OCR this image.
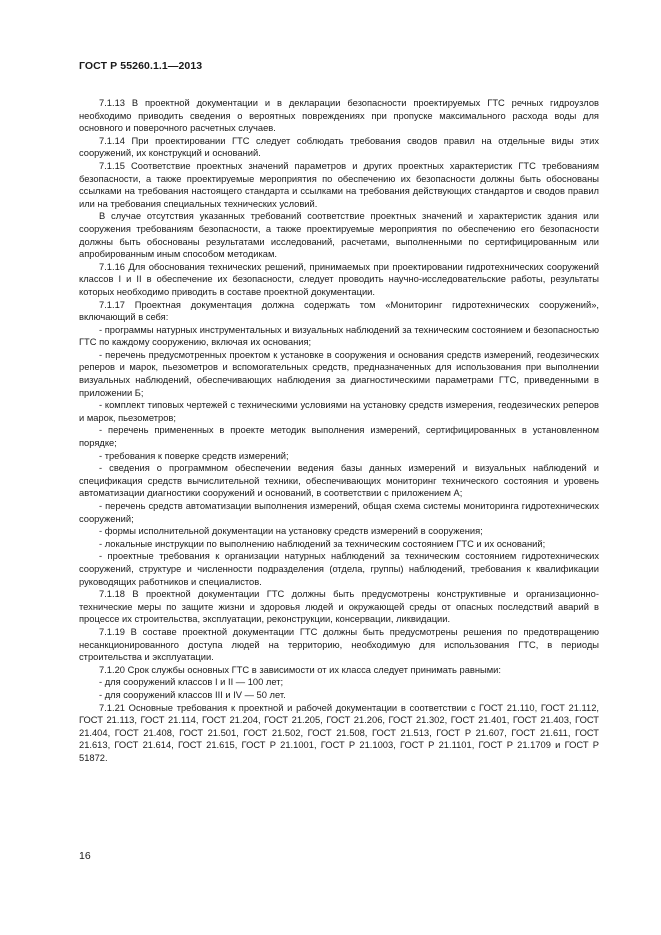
ГОСТ Р 55260.1.1—2013

7.1.13 В проектной документации и в декларации безопасности проектируемых ГТС речных гидроузлов необходимо приводить сведения о вероятных повреждениях при пропуске максимального расхода воды для основного и поверочного расчетных случаев.

7.1.14 При проектировании ГТС следует соблюдать требования сводов правил на отдельные виды этих сооружений, их конструкций и оснований.

7.1.15 Соответствие проектных значений параметров и других проектных характеристик ГТС требованиям безопасности, а также проектируемые мероприятия по обеспечению их безопасности должны быть обоснованы ссылками на требования настоящего стандарта и ссылками на требования действующих стандартов и сводов правил или на требования специальных технических условий.

В случае отсутствия указанных требований соответствие проектных значений и характеристик здания или сооружения требованиям безопасности, а также проектируемые мероприятия по обеспечению его безопасности должны быть обоснованы результатами исследований, расчетами, выполненными по сертифицированным или апробированным иным способом методикам.

7.1.16 Для обоснования технических решений, принимаемых при проектировании гидротехнических сооружений классов I и II в обеспечение их безопасности, следует проводить научно-исследовательские работы, результаты которых необходимо приводить в составе проектной документации.

7.1.17 Проектная документация должна содержать том «Мониторинг гидротехнических сооружений», включающий в себя:

- программы натурных инструментальных и визуальных наблюдений за техническим состоянием и безопасностью ГТС по каждому сооружению, включая их основания;

- перечень предусмотренных проектом к установке в сооружения и основания средств измерений, геодезических реперов и марок, пьезометров и вспомогательных средств, предназначенных для использования при выполнении визуальных наблюдений, обеспечивающих наблюдения за диагностическими параметрами ГТС, приведенными в приложении Б;

- комплект типовых чертежей с техническими условиями на установку средств измерения, геодезических реперов и марок, пьезометров;

- перечень примененных в проекте методик выполнения измерений, сертифицированных в установленном порядке;

- требования к поверке средств измерений;

- сведения о программном обеспечении ведения базы данных измерений и визуальных наблюдений и спецификация средств вычислительной техники, обеспечивающих мониторинг технического состояния и уровень автоматизации диагностики сооружений и оснований, в соответствии с приложением А;

- перечень средств автоматизации выполнения измерений, общая схема системы мониторинга гидротехнических сооружений;

- формы исполнительной документации на установку средств измерений в сооружения;

- локальные инструкции по выполнению наблюдений за техническим состоянием ГТС и их оснований;

- проектные требования к организации натурных наблюдений за техническим состоянием гидротехнических сооружений, структуре и численности подразделения (отдела, группы) наблюдений, требования к квалификации руководящих работников и специалистов.

7.1.18 В проектной документации ГТС должны быть предусмотрены конструктивные и организационно-технические меры по защите жизни и здоровья людей и окружающей среды от опасных последствий аварий в процессе их строительства, эксплуатации, реконструкции, консервации, ликвидации.

7.1.19 В составе проектной документации ГТС должны быть предусмотрены решения по предотвращению несанкционированного доступа людей на территорию, необходимую для использования ГТС, в периоды строительства и эксплуатации.

7.1.20 Срок службы основных ГТС в зависимости от их класса следует принимать равными:

- для сооружений классов I и II — 100 лет;

- для сооружений классов III и IV — 50 лет.

7.1.21 Основные требования к проектной и рабочей документации в соответствии с ГОСТ 21.110, ГОСТ 21.112, ГОСТ 21.113, ГОСТ 21.114, ГОСТ 21.204, ГОСТ 21.205, ГОСТ 21.206, ГОСТ 21.302, ГОСТ 21.401, ГОСТ 21.403, ГОСТ 21.404, ГОСТ 21.408, ГОСТ 21.501, ГОСТ 21.502, ГОСТ 21.508, ГОСТ 21.513, ГОСТ Р 21.607, ГОСТ 21.611, ГОСТ 21.613, ГОСТ 21.614, ГОСТ 21.615, ГОСТ Р 21.1001, ГОСТ Р 21.1003, ГОСТ Р 21.1101, ГОСТ Р 21.1709 и ГОСТ Р 51872.

16
